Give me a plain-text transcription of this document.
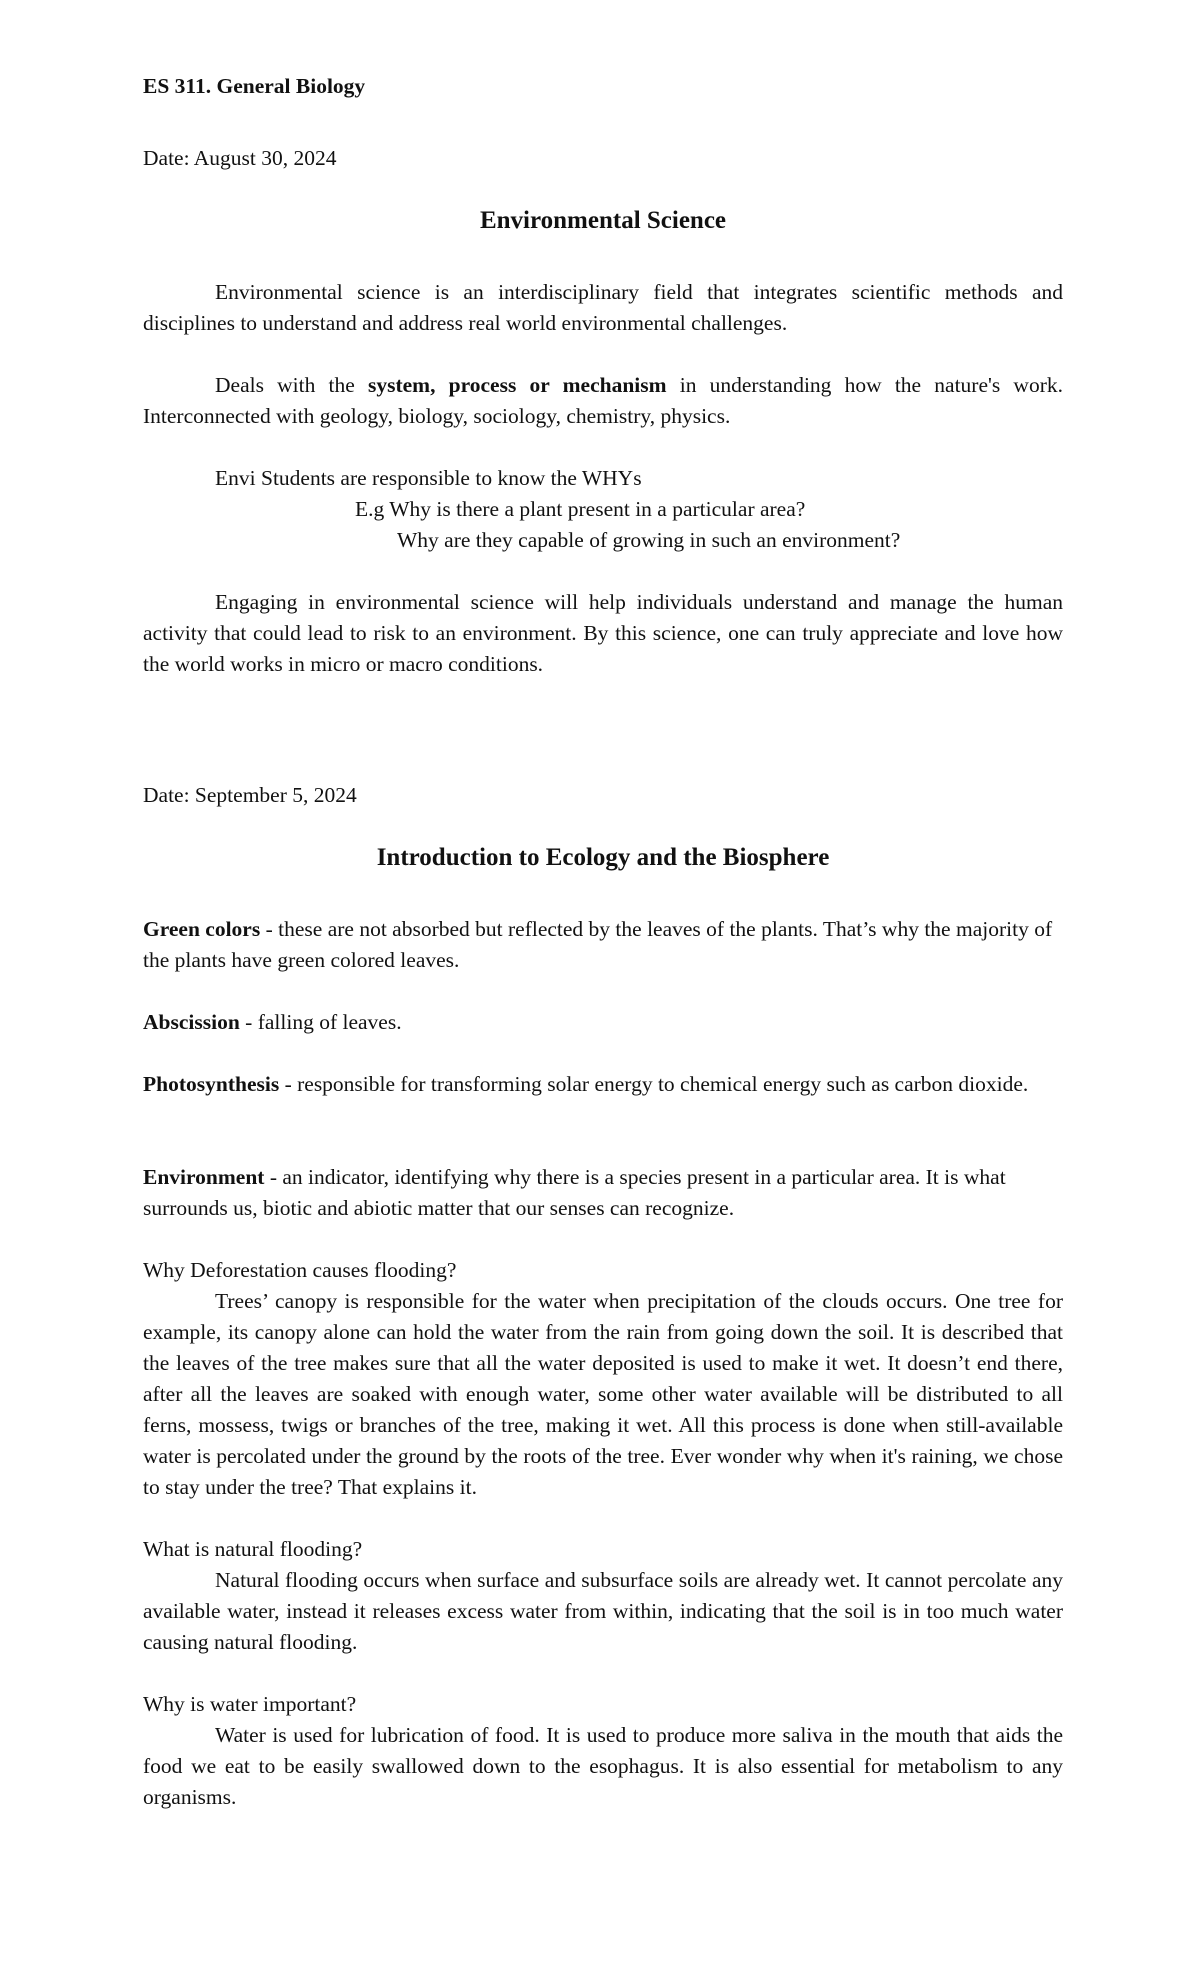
ES 311. General Biology

Date: August 30, 2024

Environmental Science

Environmental science is an interdisciplinary field that integrates scientific methods and disciplines to understand and address real world environmental challenges.

Deals with the system, process or mechanism in understanding how the nature's work.
Interconnected with geology, biology, sociology, chemistry, physics.

Envi Students are responsible to know the WHYs

E.g Why is there a plant present in a particular area?

Why are they capable of growing in such an environment?

Engaging in environmental science will help individuals understand and manage the human activity that could lead to risk to an environment. By this science, one can truly appreciate and love how the world works in micro or macro conditions.

Date: September 5, 2024

Introduction to Ecology and the Biosphere

Green colors - these are not absorbed but reflected by the leaves of the plants. That’s why the majority of the plants have green colored leaves.

Abscission - falling of leaves.

Photosynthesis - responsible for transforming solar energy to chemical energy such as carbon dioxide.

Environment - an indicator, identifying why there is a species present in a particular area. It is what surrounds us, biotic and abiotic matter that our senses can recognize.

Why Deforestation causes flooding?

Trees’ canopy is responsible for the water when precipitation of the clouds occurs. One tree for example, its canopy alone can hold the water from the rain from going down the soil. It is described that the leaves of the tree makes sure that all the water deposited is used to make it wet. It doesn’t end there, after all the leaves are soaked with enough water, some other water available will be distributed to all ferns, mossess, twigs or branches of the tree, making it wet. All this process is done when still-available water is percolated under the ground by the roots of the tree. Ever wonder why when it's raining, we chose to stay under the tree? That explains it.

What is natural flooding?

Natural flooding occurs when surface and subsurface soils are already wet. It cannot percolate any available water, instead it releases excess water from within, indicating that the soil is in too much water causing natural flooding.

Why is water important?

Water is used for lubrication of food. It is used to produce more saliva in the mouth that aids the food we eat to be easily swallowed down to the esophagus. It is also essential for metabolism to any organisms.
